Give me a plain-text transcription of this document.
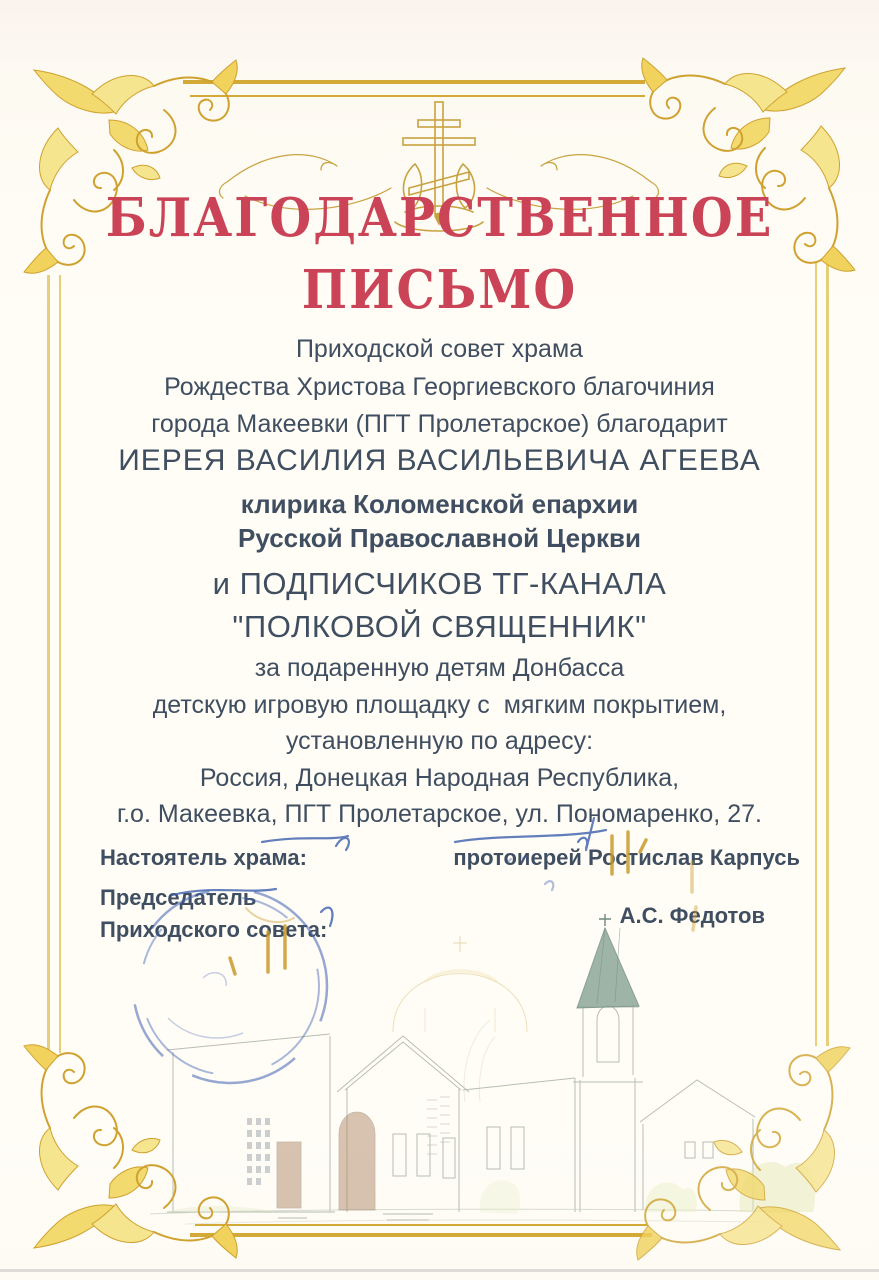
БЛАГОДАРСТВЕННОЕ
ПИСЬМО
Приходской совет храма
Рождества Христова Георгиевского благочиния
города Макеевки (ПГТ Пролетарское) благодарит
ИЕРЕЯ ВАСИЛИЯ ВАСИЛЬЕВИЧА АГЕЕВА
клирика Коломенской епархии
Русской Православной Церкви
и ПОДПИСЧИКОВ ТГ-КАНАЛА
"ПОЛКОВОЙ СВЯЩЕННИК"
за подаренную детям Донбасса
детскую игровую площадку с  мягким покрытием,
установленную по адресу:
Россия, Донецкая Народная Республика,
г.о. Макеевка, ПГТ Пролетарское, ул. Пономаренко, 27.
Настоятель храма:	протоиерей Ростислав Карпусь
Председатель
Приходского совета:
А.С. Федотов
